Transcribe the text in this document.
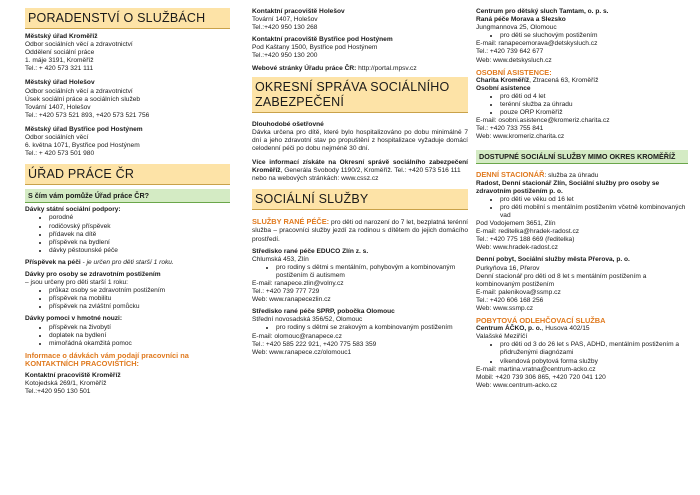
PORADENSTVÍ O SLUŽBÁCH
Městský úřad Kroměříž
Odbor sociálních věcí a zdravotnictví
Oddělení sociální práce
1. máje 3191, Kroměříž
Tel.: + 420 573 321 111
Městský úřad Holešov
Odbor sociálních věcí a zdravotnictví
Úsek sociální práce a sociálních služeb
Tovární 1407, Holešov
Tel.: +420 573 521 893, +420 573 521 756
Městský úřad Bystřice pod Hostýnem
Odbor sociálních věcí
6. května 1071, Bystřice pod Hostýnem
Tel.: + 420 573 501 980
ÚŘAD PRÁCE ČR
S čím vám pomůže Úřad práce ČR?
Dávky státní sociální podpory:
• porodné
• rodičovský příspěvek
• přídavek na dítě
• příspěvek na bydlení
• dávky pěstounské péče
Příspěvek na péči - je určen pro děti starší 1 roku.
Dávky pro osoby se zdravotním postižením
– jsou určeny pro děti starší 1 roku:
• průkaz osoby se zdravotním postižením
• příspěvek na mobilitu
• příspěvek na zvláštní pomůcku
Dávky pomoci v hmotné nouzi:
• příspěvek na živobytí
• doplatek na bydlení
• mimořádná okamžitá pomoc
Informace o dávkách vám podají pracovníci na KONTAKTNÍCH PRACOVIŠTÍCH:
Kontaktní pracoviště Kroměříž
Kotojedská 269/1, Kroměříž
Tel.:+420 950 130 501
Kontaktní pracoviště Holešov
Tovární 1407, Holešov
Tel.:+420 950 130 268
Kontaktní pracoviště Bystřice pod Hostýnem
Pod Kaštany 1500, Bystřice pod Hostýnem
Tel.:+420 950 130 200
Webové stránky Úřadu práce ČR: http://portal.mpsv.cz
OKRESNÍ SPRÁVA SOCIÁLNÍHO ZABEZPEČENÍ
Dlouhodobé ošetřovné
Dávka určena pro dítě, které bylo hospitalizováno po dobu minimálně 7 dní a jeho zdravotní stav po propuštění z hospitalizace vyžaduje domácí celodenní péči po dobu nejméně 30 dní.
Více informací získáte na Okresní správě sociálního zabezpečení Kroměříž, Generála Svobody 1190/2, Kroměříž. Tel.: +420 573 516 111
nebo na webových stránkách: www.cssz.cz
SOCIÁLNÍ SLUŽBY
SLUŽBY RANÉ PÉČE: pro děti od narození do 7 let, bezplatná terénní služba – pracovníci služby jezdí za rodinou s dítětem do jejich domácího prostředí.
Středisko rané péče EDUCO Zlín z. s.
Chlumská 453, Zlín
• pro rodiny s dětmi s mentálním, pohybovým a kombinovaným postižením či autismem
E-mail: ranapece.zlin@volny.cz
Tel.: +420 739 777 729
Web: www.ranapecezlin.cz
Středisko rané péče SPRP, pobočka Olomouc
Střední novosadská 356/52, Olomouc
• pro rodiny s dětmi se zrakovým a kombinovaným postižením
E-mail: olomouc@ranapece.cz
Tel.: +420 585 222 921, +420 775 583 359
Web: www.ranapece.cz/olomouc1
Centrum pro dětský sluch Tamtam, o. p. s.
Raná péče Morava a Slezsko
Jungmannova 25, Olomouc
• pro děti se sluchovým postižením
E-mail: ranapecemorava@detskysluch.cz
Tel.: +420 739 642 677
Web: www.detskysluch.cz
OSOBNÍ ASISTENCE:
Charita Kroměříž, Ztracená 63, Kroměříž
Osobní asistence
• pro děti od 4 let
• terénní služba za úhradu
• pouze ORP Kroměříž
E-mail: osobni.asistence@kromeriz.charita.cz
Tel.: +420 733 755 841
Web: www.kromeriz.charita.cz
DOSTUPNÉ SOCIÁLNÍ SLUŽBY MIMO OKRES KROMĚŘÍŽ
DENNÍ STACIONÁŘ: služba za úhradu
Radost, Denní stacionář Zlín, Sociální služby pro osoby se zdravotním postižením p. o.
• pro děti ve věku od 16 let
• pro děti mobilní s mentálním postižením včetně kombinovaných vad
Pod Vodojemem 3651, Zlín
E-mail: reditelka@hradek-radost.cz
Tel.: +420 775 188 669 (ředitelka)
Web: www.hradek-radost.cz
Denní pobyt, Sociální služby města Přerova, p. o.
Purkyňova 16, Přerov
Denní stacionář pro děti od 8 let s mentálním postižením a kombinovaným postižením
E-mail: palenikova@ssmp.cz
Tel.: +420 606 168 256
Web: www.ssmp.cz
POBYTOVÁ ODLEHČOVACÍ SLUŽBA
Centrum ÁČKO, p. o., Husova 402/15
Valašské Meziříčí
• pro děti od 3 do 26 let s PAS, ADHD, mentálním postižením a přidruženými diagnózami
• víkendová pobytová forma služby
E-mail: martina.vratna@centrum-acko.cz
Mobil: +420 739 306 865, +420 720 041 120
Web: www.centrum-acko.cz
